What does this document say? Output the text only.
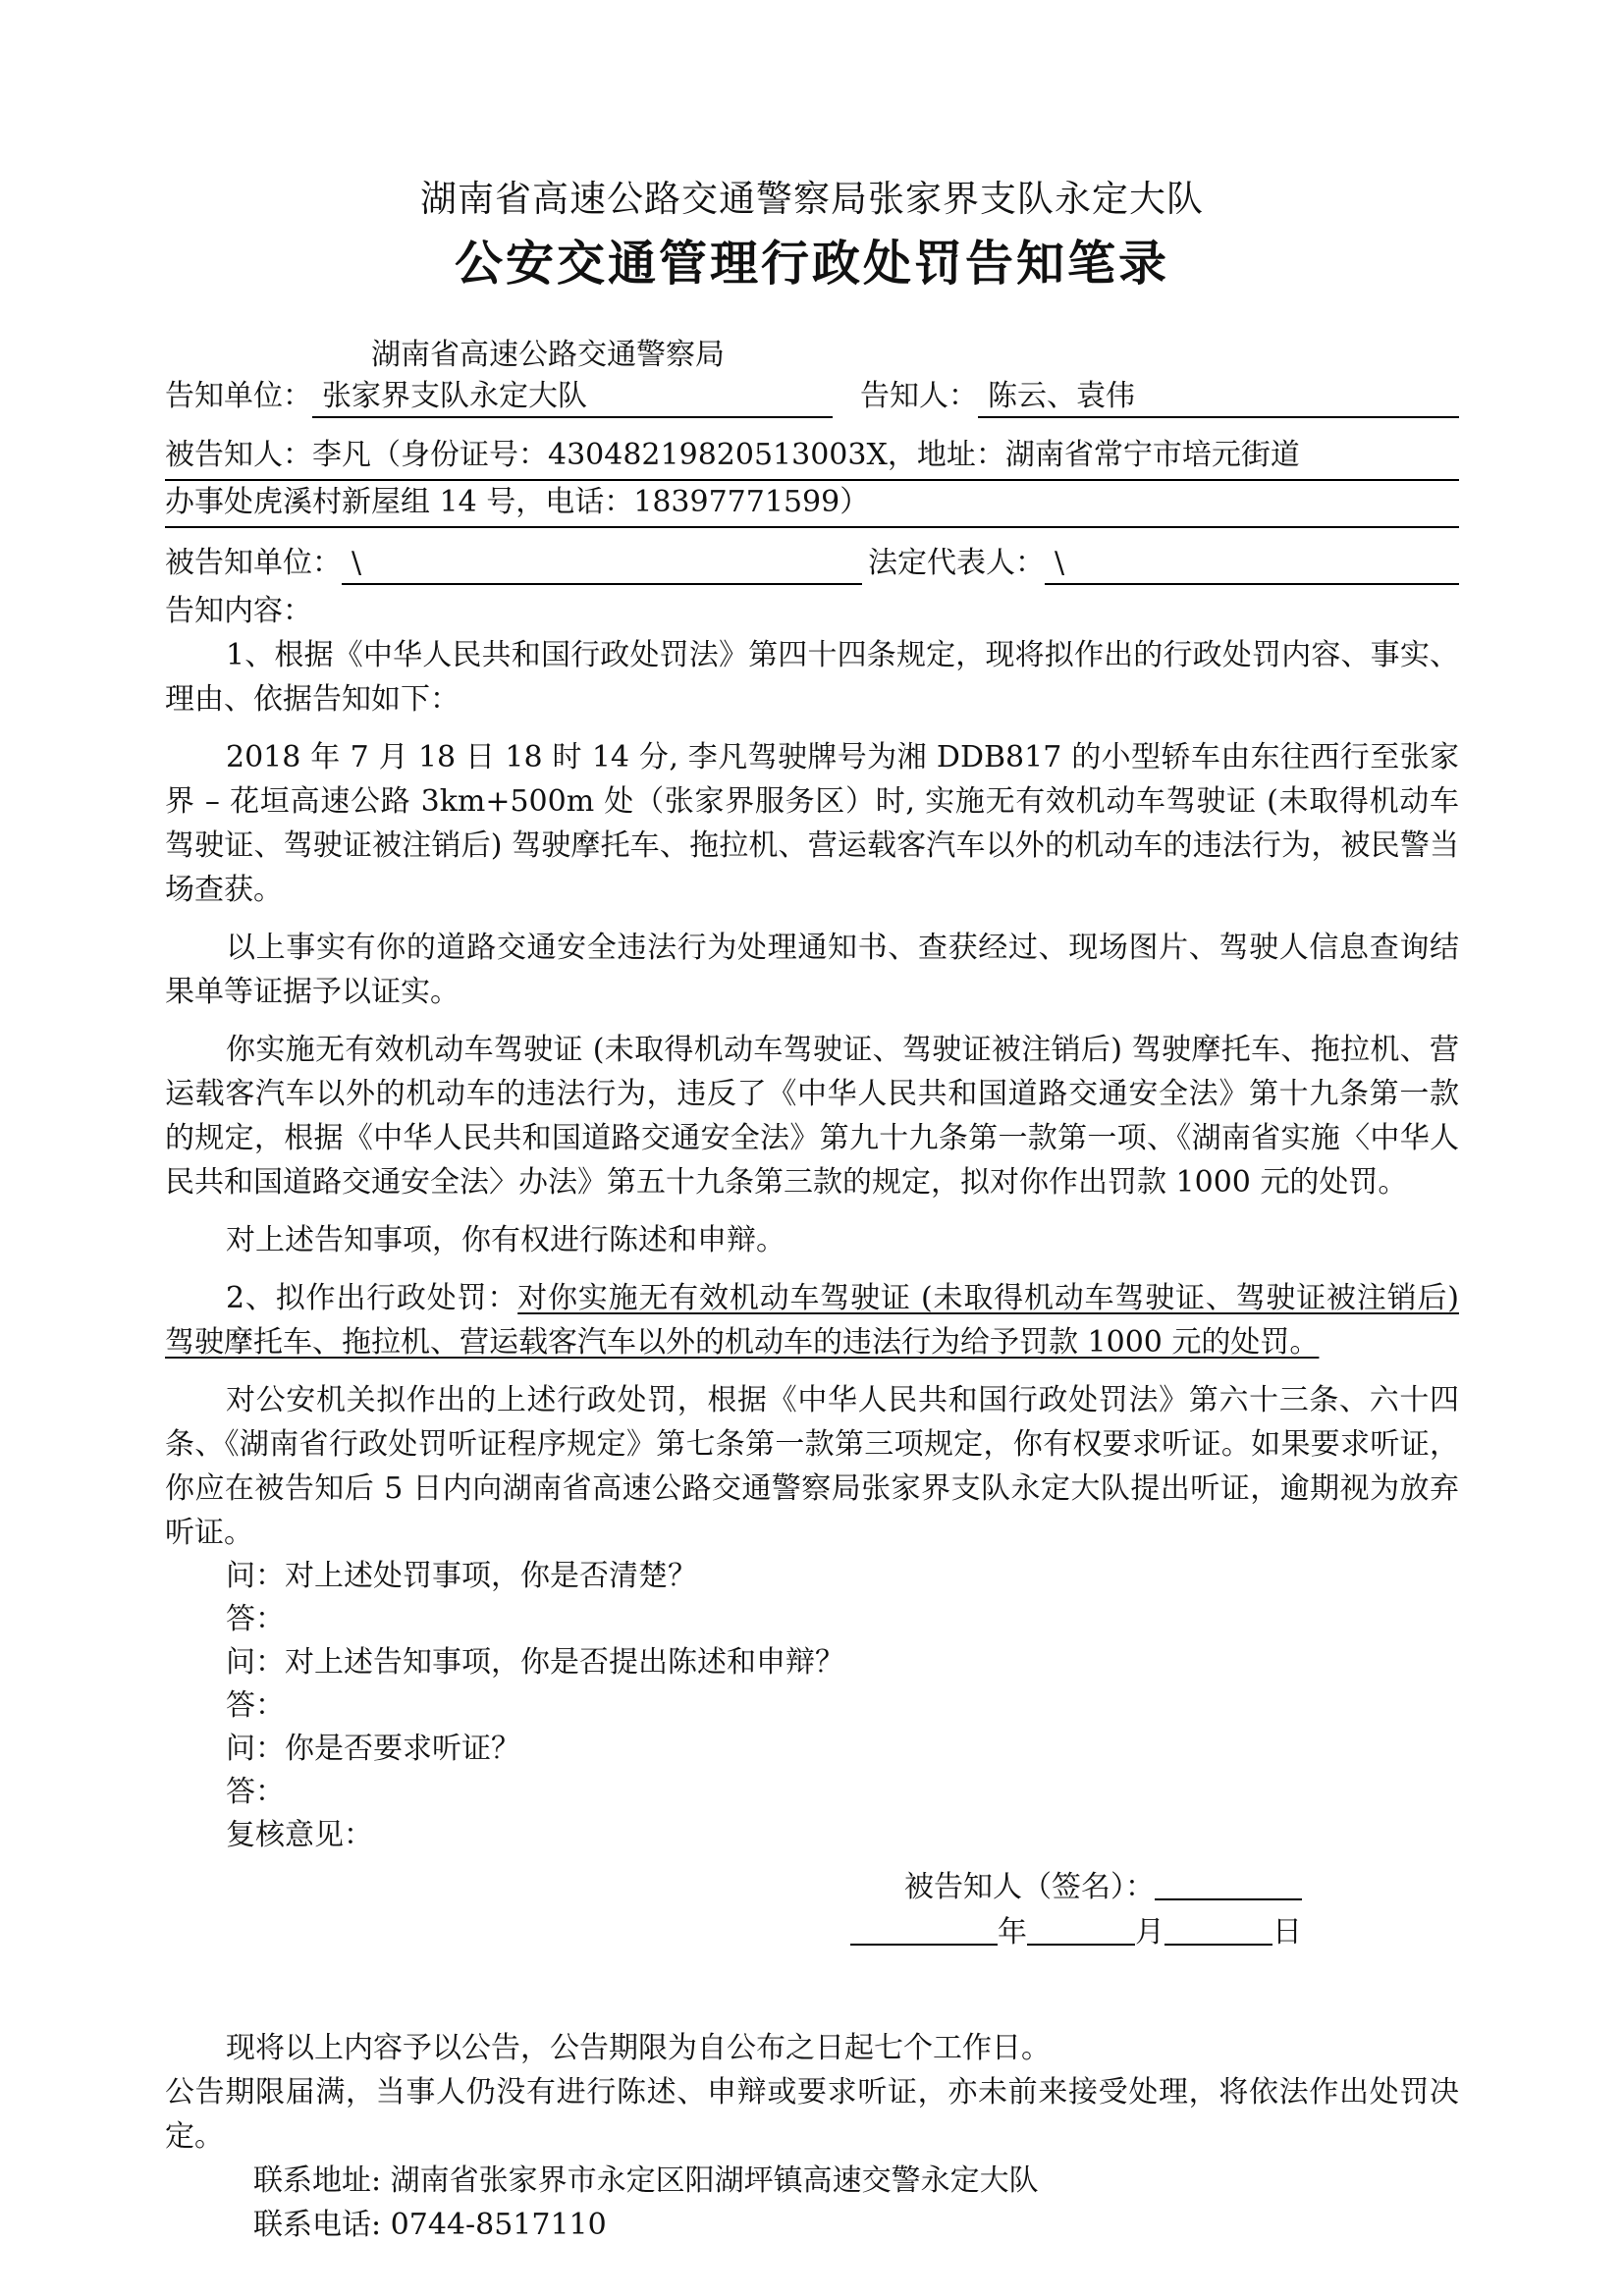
湖南省高速公路交通警察局张家界支队永定大队
公安交通管理行政处罚告知笔录
湖南省高速公路交通警察局
告知单位： 张家界支队永定大队	告知人： 陈云、袁伟
被告知人：李凡（身份证号：43048219820513003X，地址：湖南省常宁市培元街道
办事处虎溪村新屋组 14 号，电话：18397771599）
被告知单位： \	法定代表人： \
告知内容：

1、根据《中华人民共和国行政处罚法》第四十四条规定，现将拟作出的行政处罚内容、事实、理由、依据告知如下：

2018 年 7 月 18 日 18 时 14 分, 李凡驾驶牌号为湘 DDB817 的小型轿车由东往西行至张家界 – 花垣高速公路 3km+500m 处（张家界服务区）时, 实施无有效机动车驾驶证 (未取得机动车驾驶证、驾驶证被注销后) 驾驶摩托车、拖拉机、营运载客汽车以外的机动车的违法行为，被民警当场查获。

以上事实有你的道路交通安全违法行为处理通知书、查获经过、现场图片、驾驶人信息查询结果单等证据予以证实。

你实施无有效机动车驾驶证 (未取得机动车驾驶证、驾驶证被注销后) 驾驶摩托车、拖拉机、营运载客汽车以外的机动车的违法行为，违反了《中华人民共和国道路交通安全法》第十九条第一款的规定，根据《中华人民共和国道路交通安全法》第九十九条第一款第一项、《湖南省实施〈中华人民共和国道路交通安全法〉办法》第五十九条第三款的规定，拟对你作出罚款 1000 元的处罚。

对上述告知事项，你有权进行陈述和申辩。

2、拟作出行政处罚：对你实施无有效机动车驾驶证 (未取得机动车驾驶证、驾驶证被注销后) 驾驶摩托车、拖拉机、营运载客汽车以外的机动车的违法行为给予罚款 1000 元的处罚。

对公安机关拟作出的上述行政处罚，根据《中华人民共和国行政处罚法》第六十三条、六十四条、《湖南省行政处罚听证程序规定》第七条第一款第三项规定，你有权要求听证。如果要求听证，你应在被告知后 5 日内向湖南省高速公路交通警察局张家界支队永定大队提出听证，逾期视为放弃听证。

问：对上述处罚事项，你是否清楚？
答：
问：对上述告知事项，你是否提出陈述和申辩？
答：
问：你是否要求听证？
答：
复核意见：
被告知人（签名）：
年	月	日
现将以上内容予以公告，公告期限为自公布之日起七个工作日。
公告期限届满，当事人仍没有进行陈述、申辩或要求听证，亦未前来接受处理，将依法作出处罚决定。
联系地址: 湖南省张家界市永定区阳湖坪镇高速交警永定大队
联系电话: 0744-8517110
